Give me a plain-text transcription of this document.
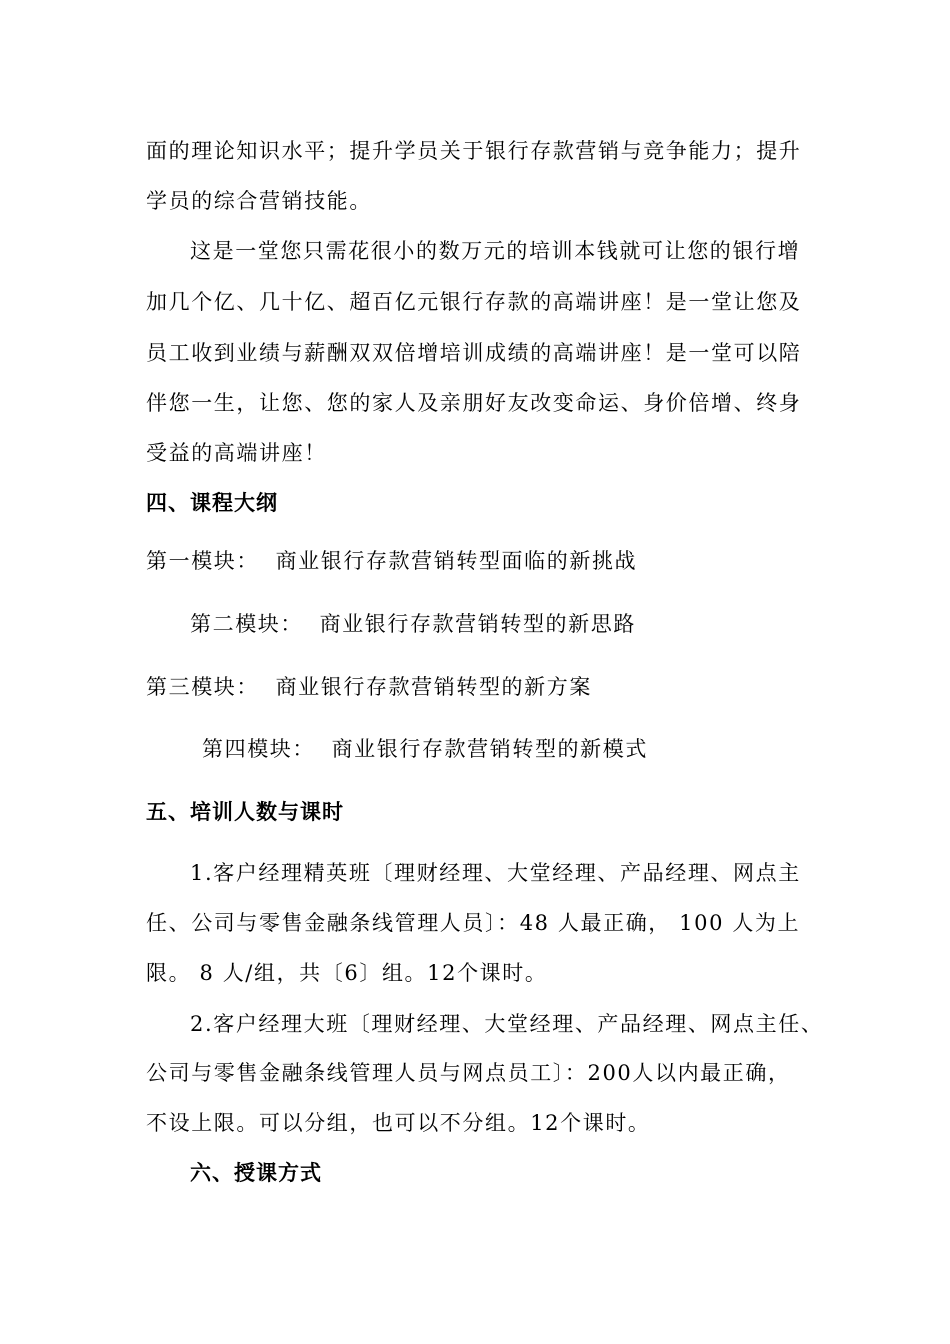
面的理论知识水平；提升学员关于银行存款营销与竞争能力；提升
学员的综合营销技能。
这是一堂您只需花很小的数万元的培训本钱就可让您的银行增
加几个亿、几十亿、超百亿元银行存款的高端讲座！是一堂让您及
员工收到业绩与薪酬双双倍增培训成绩的高端讲座！是一堂可以陪
伴您一生，让您、您的家人及亲朋好友改变命运、身价倍增、终身
受益的高端讲座！
四、课程大纲
第一模块： 商业银行存款营销转型面临的新挑战
第二模块： 商业银行存款营销转型的新思路
第三模块： 商业银行存款营销转型的新方案
第四模块： 商业银行存款营销转型的新模式
五、培训人数与课时
1.客户经理精英班〔理财经理、大堂经理、产品经理、网点主
任、公司与零售金融条线管理人员〕：48 人最正确， 100 人为上
限。 8 人/组，共〔6〕组。12个课时。
2.客户经理大班〔理财经理、大堂经理、产品经理、网点主任、
公司与零售金融条线管理人员与网点员工〕：200人以内最正确，
不设上限。可以分组，也可以不分组。12个课时。
六、授课方式
